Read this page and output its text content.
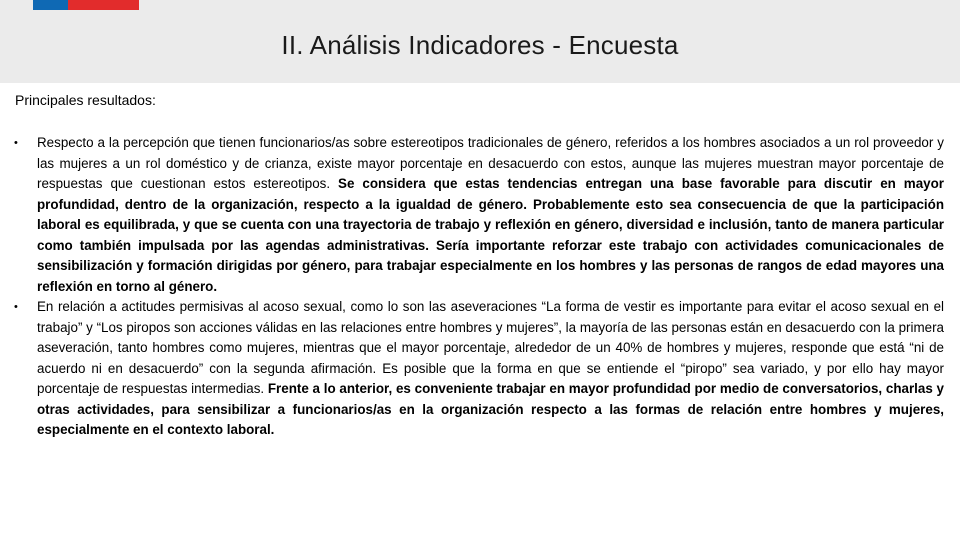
II. Análisis Indicadores - Encuesta
Principales resultados:
• Respecto a la percepción que tienen funcionarios/as sobre estereotipos tradicionales de género, referidos a los hombres asociados a un rol proveedor y las mujeres a un rol doméstico y de crianza, existe mayor porcentaje en desacuerdo con estos, aunque las mujeres muestran mayor porcentaje de respuestas que cuestionan estos estereotipos. Se considera que estas tendencias entregan una base favorable para discutir en mayor profundidad, dentro de la organización, respecto a la igualdad de género. Probablemente esto sea consecuencia de que la participación laboral es equilibrada, y que se cuenta con una trayectoria de trabajo y reflexión en género, diversidad e inclusión, tanto de manera particular como también impulsada por las agendas administrativas. Sería importante reforzar este trabajo con actividades comunicacionales de sensibilización y formación dirigidas por género, para trabajar especialmente en los hombres y las personas de rangos de edad mayores una reflexión en torno al género.
• En relación a actitudes permisivas al acoso sexual, como lo son las aseveraciones “La forma de vestir es importante para evitar el acoso sexual en el trabajo” y “Los piropos son acciones válidas en las relaciones entre hombres y mujeres”, la mayoría de las personas están en desacuerdo con la primera aseveración, tanto hombres como mujeres, mientras que el mayor porcentaje, alrededor de un 40% de hombres y mujeres, responde que está “ni de acuerdo ni en desacuerdo” con la segunda afirmación. Es posible que la forma en que se entiende el “piropo” sea variado, y por ello hay mayor porcentaje de respuestas intermedias. Frente a lo anterior, es conveniente trabajar en mayor profundidad por medio de conversatorios, charlas y otras actividades, para sensibilizar a funcionarios/as en la organización respecto a las formas de relación entre hombres y mujeres, especialmente en el contexto laboral.
